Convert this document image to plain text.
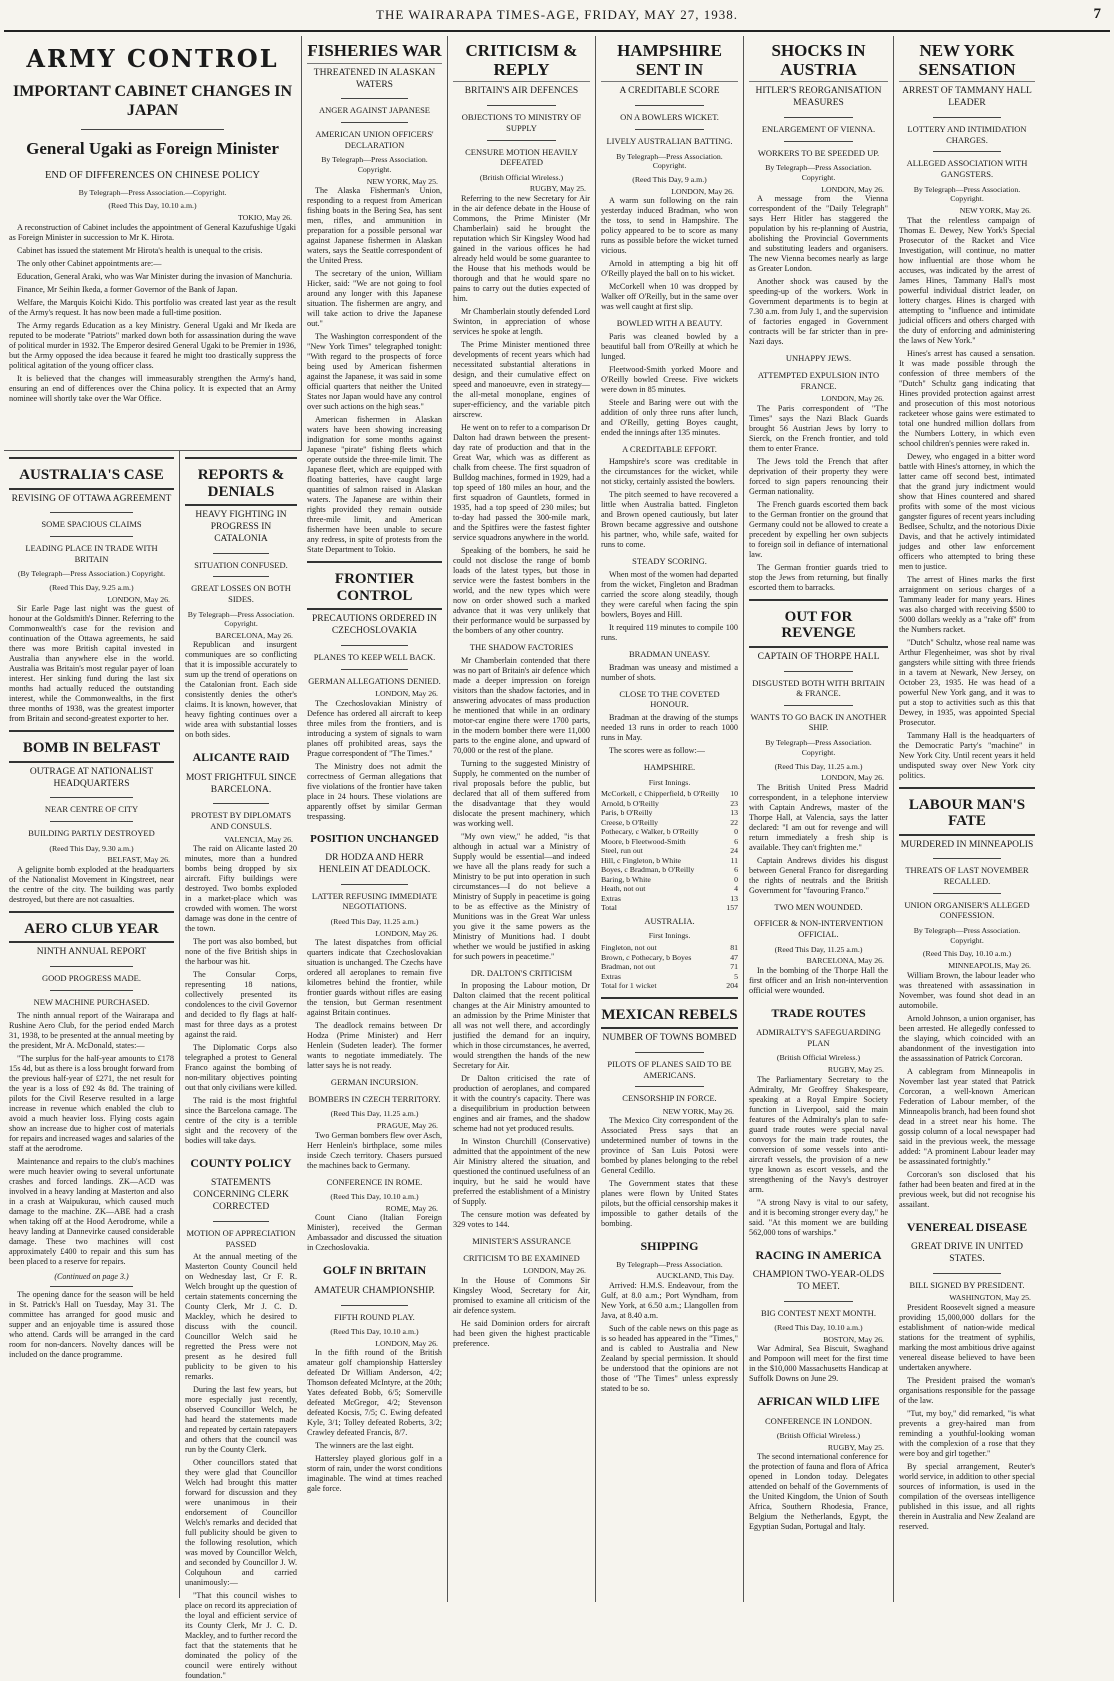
THE WAIRARAPA TIMES-AGE, FRIDAY, MAY 27, 1938.	7
ARMY CONTROL
IMPORTANT CABINET CHANGES IN JAPAN
General Ugaki as Foreign Minister
END OF DIFFERENCES ON CHINESE POLICY
By Telegraph—Press Association.—Copyright.
(Reed This Day, 10.10 a.m.)
TOKIO, May 26.

A reconstruction of Cabinet includes the appointment of General Kazufushige Ugaki as Foreign Minister in succession to Mr K. Hirota.

Cabinet has issued the statement Mr Hirota's health is unequal to the crisis.

The only other Cabinet appointments are:—

Education, General Araki, who was War Minister during the invasion of Manchuria.

Finance, Mr Seihin Ikeda, a former Governor of the Bank of Japan.

Welfare, the Marquis Koichi Kido. This portfolio was created last year as the result of the Army's request. It has now been made a full-time position.

The Army regards Education as a key Ministry. General Ugaki and Mr Ikeda are reputed to be moderate "Patriots" marked down both for assassination during the wave of political murder in 1932. The Emperor desired General Ugaki to be Premier in 1936, but the Army opposed the idea because it feared he might too drastically suppress the political agitation of the young officer class.

It is believed that the changes will immeasurably strengthen the Army's hand, ensuring an end of differences over the China policy. It is expected that an Army nominee will shortly take over the War Office.

AUSTRALIA'S CASE
REVISING OF OTTAWA AGREEMENT
SOME SPACIOUS CLAIMS
LEADING PLACE IN TRADE WITH BRITAIN
(By Telegraph—Press Association.) Copyright.
(Reed This Day, 9.25 a.m.)
LONDON, May 26.

Sir Earle Page last night was the guest of honour at the Goldsmith's Dinner. Referring to the Commonwealth's case for the revision and continuation of the Ottawa agreements, he said there was more British capital invested in Australia than anywhere else in the world. Australia was Britain's most regular payer of loan interest. Her sinking fund during the last six months had actually reduced the outstanding interest, while the Commonwealths, in the first three months of 1938, was the greatest importer from Britain and second-greatest exporter to her.

BOMB IN BELFAST
OUTRAGE AT NATIONALIST HEADQUARTERS
NEAR CENTRE OF CITY
BUILDING PARTLY DESTROYED
(Reed This Day, 9.30 a.m.)
BELFAST, May 26.

A gelignite bomb exploded at the headquarters of the Nationalist Movement in Kingstreet, near the centre of the city. The building was partly destroyed, but there are not casualties.

AERO CLUB YEAR
NINTH ANNUAL REPORT
GOOD PROGRESS MADE.
NEW MACHINE PURCHASED.

The ninth annual report of the Wairarapa and Rushine Aero Club, for the period ended March 31, 1938, to be presented at the annual meeting by the president, Mr A. McDonald, states:—

"The surplus for the half-year amounts to £178 15s 4d, but as there is a loss brought forward from the previous half-year of £271, the net result for the year is a loss of £92 4s 8d. The training of pilots for the Civil Reserve resulted in a large increase in revenue which enabled the club to avoid a much heavier loss. Flying costs again show an increase due to higher cost of materials for repairs and increased wages and salaries of the staff at the aerodrome.

Maintenance and repairs to the club's machines were much heavier owing to several unfortunate crashes and forced landings. ZK—ACD was involved in a heavy landing at Masterton and also in a crash at Waipukurau, which caused much damage to the machine. ZK—ABE had a crash when taking off at the Hood Aerodrome, while a heavy landing at Dannevirke caused considerable damage. These two machines will cost approximately £400 to repair and this sum has been placed to a reserve for repairs.

(Continued on page 3.)

The opening dance for the season will be held in St. Patrick's Hall on Tuesday, May 31. The committee has arranged for good music and supper and an enjoyable time is assured those who attend. Cards will be arranged in the card room for non-dancers. Novelty dances will be included on the dance programme.

REPORTS & DENIALS
HEAVY FIGHTING IN PROGRESS IN CATALONIA
SITUATION CONFUSED.
GREAT LOSSES ON BOTH SIDES.
By Telegraph—Press Association. Copyright.
BARCELONA, May 26.

Republican and insurgent communiques are so conflicting that it is impossible accurately to sum up the trend of operations on the Catalonian front. Each side consistently denies the other's claims. It is known, however, that heavy fighting continues over a wide area with substantial losses on both sides.

ALICANTE RAID
MOST FRIGHTFUL SINCE BARCELONA.
PROTEST BY DIPLOMATS AND CONSULS.
VALENCIA, May 26.

The raid on Alicante lasted 20 minutes, more than a hundred bombs being dropped by six aircraft. Fifty buildings were destroyed. Two bombs exploded in a market-place which was crowded with women. The worst damage was done in the centre of the town.

The port was also bombed, but none of the five British ships in the harbour was hit.

The Consular Corps, representing 18 nations, collectively presented its condolences to the civil Governor and decided to fly flags at half-mast for three days as a protest against the raid.

The Diplomatic Corps also telegraphed a protest to General Franco against the bombing of non-military objectives pointing out that only civilians were killed.

The raid is the most frightful since the Barcelona carnage. The centre of the city is a terrible sight and the recovery of the bodies will take days.

COUNTY POLICY
STATEMENTS CONCERNING CLERK CORRECTED
MOTION OF APPRECIATION PASSED

At the annual meeting of the Masterton County Council held on Wednesday last, Cr F. R. Welch brought up the question of certain statements concerning the County Clerk, Mr J. C. D. Mackley, which he desired to discuss with the council. Councillor Welch said he regretted the Press were not present as he desired full publicity to be given to his remarks.

During the last few years, but more especially just recently, observed Councillor Welch, he had heard the statements made and repeated by certain ratepayers and others that the council was run by the County Clerk.

Other councillors stated that they were glad that Councillor Welch had brought this matter forward for discussion and they were unanimous in their endorsement of Councillor Welch's remarks and decided that full publicity should be given to the following resolution, which was moved by Councillor Welch, and seconded by Councillor J. W. Colquhoun and carried unanimously:—

"That this council wishes to place on record its appreciation of the loyal and efficient service of its County Clerk, Mr J. C. D. Mackley, and to further record the fact that the statements that he dominated the policy of the council were entirely without foundation."

FISHERIES WAR
THREATENED IN ALASKAN WATERS
ANGER AGAINST JAPANESE
AMERICAN UNION OFFICERS' DECLARATION
By Telegraph—Press Association. Copyright.
NEW YORK, May 25.

The Alaska Fisherman's Union, responding to a request from American fishing boats in the Bering Sea, has sent men, rifles, and ammunition in preparation for a possible personal war against Japanese fishermen in Alaskan waters, says the Seattle correspondent of the United Press.

The secretary of the union, William Hicker, said: "We are not going to fool around any longer with this Japanese situation. The fishermen are angry, and will take action to drive the Japanese out."

The Washington correspondent of the "New York Times" telegraphed tonight: "With regard to the prospects of force being used by American fishermen against the Japanese, it was said in some official quarters that neither the United States nor Japan would have any control over such actions on the high seas."

American fishermen in Alaskan waters have been showing increasing indignation for some months against Japanese "pirate" fishing fleets which operate outside the three-mile limit. The Japanese fleet, which are equipped with floating batteries, have caught large quantities of salmon raised in Alaskan waters. The Japanese are within their rights provided they remain outside three-mile limit, and American fishermen have been unable to secure any redress, in spite of protests from the State Department to Tokio.

FRONTIER CONTROL
PRECAUTIONS ORDERED IN CZECHOSLOVAKIA
PLANES TO KEEP WELL BACK.
GERMAN ALLEGATIONS DENIED.
LONDON, May 26.

The Czechoslovakian Ministry of Defence has ordered all aircraft to keep three miles from the frontiers, and is introducing a system of signals to warn planes off prohibited areas, says the Prague correspondent of "The Times."

The Ministry does not admit the correctness of German allegations that five violations of the frontier have taken place in 24 hours. These violations are apparently offset by similar German trespassing.

POSITION UNCHANGED
DR HODZA AND HERR HENLEIN AT DEADLOCK.
LATTER REFUSING IMMEDIATE NEGOTIATIONS.
(Reed This Day, 11.25 a.m.)
LONDON, May 26.

The latest dispatches from official quarters indicate that Czechoslovakian situation is unchanged. The Czechs have ordered all aeroplanes to remain five kilometres behind the frontier, while frontier guards without rifles are easing the tension, but German resentment against Britain continues.

The deadlock remains between Dr Hodza (Prime Minister) and Herr Henlein (Sudeten leader). The former wants to negotiate immediately. The latter says he is not ready.

GERMAN INCURSION.
BOMBERS IN CZECH TERRITORY.
(Reed This Day, 11.25 a.m.)
PRAGUE, May 26.

Two German bombers flew over Asch, Herr Henlein's birthplace, some miles inside Czech territory. Chasers pursued the machines back to Germany.

CONFERENCE IN ROME.
(Reed This Day, 10.10 a.m.)
ROME, May 26.

Count Ciano (Italian Foreign Minister), received the German Ambassador and discussed the situation in Czechoslovakia.

GOLF IN BRITAIN
AMATEUR CHAMPIONSHIP.
FIFTH ROUND PLAY.
(Reed This Day, 10.10 a.m.)
LONDON, May 26.

In the fifth round of the British amateur golf championship Hattersley defeated Dr William Anderson, 4/2; Thomson defeated McIntyre, at the 20th; Yates defeated Bobb, 6/5; Somerville defeated McGregor, 4/2; Stevenson defeated Kocsis, 7/5; C. Ewing defeated Kyle, 3/1; Tolley defeated Roberts, 3/2; Crawley defeated Francis, 8/7.

The winners are the last eight.

Hattersley played glorious golf in a storm of rain, under the worst conditions imaginable. The wind at times reached gale force.

CRITICISM & REPLY
BRITAIN'S AIR DEFENCES
OBJECTIONS TO MINISTRY OF SUPPLY
CENSURE MOTION HEAVILY DEFEATED
(British Official Wireless.)
RUGBY, May 25.

Referring to the new Secretary for Air in the air defence debate in the House of Commons, the Prime Minister (Mr Chamberlain) said he brought the reputation which Sir Kingsley Wood had gained in the various offices he had already held would be some guarantee to the House that his methods would be thorough and that he would spare no pains to carry out the duties expected of him.

Mr Chamberlain stoutly defended Lord Swinton, in appreciation of whose services he spoke at length.

The Prime Minister mentioned three developments of recent years which had necessitated substantial alterations in design, and their cumulative effect on speed and manoeuvre, even in strategy—the all-metal monoplane, engines of super-efficiency, and the variable pitch airscrew.

He went on to refer to a comparison Dr Dalton had drawn between the present-day rate of production and that in the Great War, which was as different as chalk from cheese. The first squadron of Bulldog machines, formed in 1929, had a top speed of 180 miles an hour, and the first squadron of Gauntlets, formed in 1935, had a top speed of 230 miles; but to-day had passed the 300-mile mark, and the Spitfires were the fastest fighter service squadrons anywhere in the world.

Speaking of the bombers, he said he could not disclose the range of bomb loads of the latest types, but those in service were the fastest bombers in the world, and the new types which were now on order showed such a marked advance that it was very unlikely that their performance would be surpassed by the bombers of any other country.

THE SHADOW FACTORIES

Mr Chamberlain contended that there was no part of Britain's air defence which made a deeper impression on foreign visitors than the shadow factories, and in answering advocates of mass production he mentioned that while in an ordinary motor-car engine there were 1700 parts, in the modern bomber there were 11,000 parts to the engine alone, and upward of 70,000 or the rest of the plane.

Turning to the suggested Ministry of Supply, he commented on the number of rival proposals before the public, but declared that all of them suffered from the disadvantage that they would dislocate the present machinery, which was working well.

"My own view," he added, "is that although in actual war a Ministry of Supply would be essential—and indeed we have all the plans ready for such a Ministry to be put into operation in such circumstances—I do not believe a Ministry of Supply in peacetime is going to be as effective as the Ministry of Munitions was in the Great War unless you give it the same powers as the Ministry of Munitions had. I doubt whether we would be justified in asking for such powers in peacetime."

DR. DALTON'S CRITICISM

In proposing the Labour motion, Dr Dalton claimed that the recent political changes at the Air Ministry amounted to an admission by the Prime Minister that all was not well there, and accordingly justified the demand for an inquiry, which in those circumstances, he averred, would strengthen the hands of the new Secretary for Air.

Dr Dalton criticised the rate of production of aeroplanes, and compared it with the country's capacity. There was a disequilibrium in production between engines and air frames, and the shadow scheme had not yet produced results.

In Winston Churchill (Conservative) admitted that the appointment of the new Air Ministry altered the situation, and questioned the continued usefulness of an inquiry, but he said he would have preferred the establishment of a Ministry of Supply.

The censure motion was defeated by 329 votes to 144.

MINISTER'S ASSURANCE
CRITICISM TO BE EXAMINED
LONDON, May 26.

In the House of Commons Sir Kingsley Wood, Secretary for Air, promised to examine all criticism of the air defence system.

He said Dominion orders for aircraft had been given the highest practicable preference.

HAMPSHIRE SENT IN
A CREDITABLE SCORE
ON A BOWLERS WICKET.
LIVELY AUSTRALIAN BATTING.
By Telegraph—Press Association. Copyright.
(Reed This Day, 9 a.m.)
LONDON, May 26.

A warm sun following on the rain yesterday induced Bradman, who won the toss, to send in Hampshire. The policy appeared to be to score as many runs as possible before the wicket turned vicious.

Arnold in attempting a big hit off O'Reilly played the ball on to his wicket.

McCorkell when 10 was dropped by Walker off O'Reilly, but in the same over was well caught at first slip.

BOWLED WITH A BEAUTY.

Paris was cleaned bowled by a beautiful ball from O'Reilly at which he lunged.

Fleetwood-Smith yorked Moore and O'Reilly bowled Creese. Five wickets were down in 85 minutes.

Steele and Baring were out with the addition of only three runs after lunch, and O'Reilly, getting Boyes caught, ended the innings after 135 minutes.

A CREDITABLE EFFORT.

Hampshire's score was creditable in the circumstances for the wicket, while not sticky, certainly assisted the bowlers.

The pitch seemed to have recovered a little when Australia batted. Fingleton and Brown opened cautiously, but later Brown became aggressive and outshone his partner, who, while safe, waited for runs to come.

STEADY SCORING.

When most of the women had departed from the wicket, Fingleton and Bradman carried the score along steadily, though they were careful when facing the spin bowlers, Boyes and Hill.

It required 119 minutes to compile 100 runs.

BRADMAN UNEASY.

Bradman was uneasy and mistimed a number of shots.

CLOSE TO THE COVETED HONOUR.

Bradman at the drawing of the stumps needed 13 runs in order to reach 1000 runs in May.

The scores were as follow:—

HAMPSHIRE.
First Innings.
McCorkell, c Chipperfield, b O'Reilly	10
Arnold, b O'Reilly	23
Paris, b O'Reilly	13
Creese, b O'Reilly	22
Pothecary, c Walker, b O'Reilly	0
Moore, b Fleetwood-Smith	6
Steel, run out	24
Hill, c Fingleton, b White	11
Boyes, c Bradman, b O'Reilly	6
Baring, b White	0
Heath, not out	4
Extras	13
Total	157
AUSTRALIA.
First Innings.
Fingleton, not out	81
Brown, c Pothecary, b Boyes	47
Bradman, not out	71
Extras	5
Total for 1 wicket	204
MEXICAN REBELS
NUMBER OF TOWNS BOMBED
PILOTS OF PLANES SAID TO BE AMERICANS.
CENSORSHIP IN FORCE.
NEW YORK, May 26.

The Mexico City correspondent of the Associated Press says that an undetermined number of towns in the province of San Luis Potosi were bombed by planes belonging to the rebel General Cedillo.

The Government states that these planes were flown by United States pilots, but the official censorship makes it impossible to gather details of the bombing.

SHIPPING
By Telegraph—Press Association.
AUCKLAND, This Day.

Arrived: H.M.S. Endeavour, from the Gulf, at 8.0 a.m.; Port Wyndham, from New York, at 6.50 a.m.; Llangollen from Java, at 8.40 a.m.

Such of the cable news on this page as is so headed has appeared in the "Times," and is cabled to Australia and New Zealand by special permission. It should be understood that the opinions are not those of "The Times" unless expressly stated to be so.

SHOCKS IN AUSTRIA
HITLER'S REORGANISATION MEASURES
ENLARGEMENT OF VIENNA.
WORKERS TO BE SPEEDED UP.
By Telegraph—Press Association. Copyright.
LONDON, May 26.

A message from the Vienna correspondent of the "Daily Telegraph" says Herr Hitler has staggered the population by his re-planning of Austria, abolishing the Provincial Governments and substituting leaders and organisers. The new Vienna becomes nearly as large as Greater London.

Another shock was caused by the speeding-up of the workers. Work in Government departments is to begin at 7.30 a.m. from July 1, and the supervision of factories engaged in Government contracts will be far stricter than in pre-Nazi days.

UNHAPPY JEWS.
ATTEMPTED EXPULSION INTO FRANCE.
LONDON, May 26.

The Paris correspondent of "The Times" says the Nazi Black Guards brought 56 Austrian Jews by lorry to Sierck, on the French frontier, and told them to enter France.

The Jews told the French that after deprivation of their property they were forced to sign papers renouncing their German nationality.

The French guards escorted them back to the German frontier on the ground that Germany could not be allowed to create a precedent by expelling her own subjects to foreign soil in defiance of international law.

The German frontier guards tried to stop the Jews from returning, but finally escorted them to barracks.

OUT FOR REVENGE
CAPTAIN OF THORPE HALL
DISGUSTED BOTH WITH BRITAIN & FRANCE.
WANTS TO GO BACK IN ANOTHER SHIP.
By Telegraph—Press Association. Copyright.
(Reed This Day, 11.25 a.m.)
LONDON, May 26.

The British United Press Madrid correspondent, in a telephone interview with Captain Andrews, master of the Thorpe Hall, at Valencia, says the latter declared: "I am out for revenge and will return immediately a fresh ship is available. They can't frighten me."

Captain Andrews divides his disgust between General Franco for disregarding the rights of neutrals and the British Government for "favouring Franco."

TWO MEN WOUNDED.
OFFICER & NON-INTERVENTION OFFICIAL.
(Reed This Day, 11.25 a.m.)
BARCELONA, May 26.

In the bombing of the Thorpe Hall the first officer and an Irish non-intervention official were wounded.

TRADE ROUTES
ADMIRALTY'S SAFEGUARDING PLAN
(British Official Wireless.)
RUGBY, May 25.

The Parliamentary Secretary to the Admiralty, Mr Geoffrey Shakespeare, speaking at a Royal Empire Society function in Liverpool, said the main features of the Admiralty's plan to safe-guard trade routes were special naval convoys for the main trade routes, the conversion of some vessels into anti-aircraft vessels, the provision of a new type known as escort vessels, and the strengthening of the Navy's destroyer arm.

"A strong Navy is vital to our safety, and it is becoming stronger every day," he said. "At this moment we are building 562,000 tons of warships."

RACING IN AMERICA
CHAMPION TWO-YEAR-OLDS TO MEET.
BIG CONTEST NEXT MONTH.
(Reed This Day, 10.10 a.m.)
BOSTON, May 26.

War Admiral, Sea Biscuit, Swaghand and Pompoon will meet for the first time in the $10,000 Massachusetts Handicap at Suffolk Downs on June 29.

AFRICAN WILD LIFE
CONFERENCE IN LONDON.
(British Official Wireless.)
RUGBY, May 25.

The second international conference for the protection of fauna and flora of Africa opened in London today. Delegates attended on behalf of the Governments of the United Kingdom, the Union of South Africa, Southern Rhodesia, France, Belgium the Netherlands, Egypt, the Egyptian Sudan, Portugal and Italy.

NEW YORK SENSATION
ARREST OF TAMMANY HALL LEADER
LOTTERY AND INTIMIDATION CHARGES.
ALLEGED ASSOCIATION WITH GANGSTERS.
By Telegraph—Press Association. Copyright.
NEW YORK, May 26.

That the relentless campaign of Thomas E. Dewey, New York's Special Prosecutor of the Racket and Vice Investigation, will continue, no matter how influential are those whom he accuses, was indicated by the arrest of James Hines, Tammany Hall's most powerful individual district leader, on lottery charges. Hines is charged with attempting to "influence and intimidate judicial officers and others charged with the duty of enforcing and administering the laws of New York."

Hines's arrest has caused a sensation. It was made possible through the confession of three members of the "Dutch" Schultz gang indicating that Hines provided protection against arrest and prosecution of this most notorious racketeer whose gains were estimated to total one hundred million dollars from the Numbers Lottery, in which even school children's pennies were raked in.

Dewey, who engaged in a bitter word battle with Hines's attorney, in which the latter came off second best, intimated that the grand jury indictment would show that Hines countered and shared profits with some of the most vicious gangster figures of recent years including Bedlsee, Schultz, and the notorious Dixie Davis, and that he actively intimidated judges and other law enforcement officers who attempted to bring these men to justice.

The arrest of Hines marks the first arraignment on serious charges of a Tammany leader for many years. Hines was also charged with receiving $500 to 5000 dollars weekly as a "rake off" from the Numbers racket.

"Dutch" Schultz, whose real name was Arthur Flegenheimer, was shot by rival gangsters while sitting with three friends in a tavern at Newark, New Jersey, on October 23, 1935. He was head of a powerful New York gang, and it was to put a stop to activities such as this that Dewey, in 1935, was appointed Special Prosecutor.

Tammany Hall is the headquarters of the Democratic Party's "machine" in New York City. Until recent years it held undisputed sway over New York city politics.

LABOUR MAN'S FATE
MURDERED IN MINNEAPOLIS
THREATS OF LAST NOVEMBER RECALLED.
UNION ORGANISER'S ALLEGED CONFESSION.
By Telegraph—Press Association. Copyright.
(Reed This Day, 10.10 a.m.)
MINNEAPOLIS, May 26.

William Brown, the labour leader who was threatened with assassination in November, was found shot dead in an automobile.

Arnold Johnson, a union organiser, has been arrested. He allegedly confessed to the slaying, which coincided with an abandonment of the investigation into the assassination of Patrick Corcoran.

A cablegram from Minneapolis in November last year stated that Patrick Corcoran, a well-known American Federation of Labour member, of the Minneapolis branch, had been found shot dead in a street near his home. The gossip column of a local newspaper had said in the previous week, the message added: "A prominent Labour leader may be assassinated fortnightly."

Corcoran's son disclosed that his father had been beaten and fired at in the previous week, but did not recognise his assailant.

VENEREAL DISEASE
GREAT DRIVE IN UNITED STATES.
BILL SIGNED BY PRESIDENT.
WASHINGTON, May 25.

President Roosevelt signed a measure providing 15,000,000 dollars for the establishment of nation-wide medical stations for the treatment of syphilis, marking the most ambitious drive against venereal disease believed to have been undertaken anywhere.

The President praised the woman's organisations responsible for the passage of the law.

"Tut, my boy," did remarked, "is what prevents a grey-haired man from reminding a youthful-looking woman with the complexion of a rose that they were boy and girl together."

By special arrangement, Reuter's world service, in addition to other special sources of information, is used in the compilation of the overseas intelligence published in this issue, and all rights therein in Australia and New Zealand are reserved.
